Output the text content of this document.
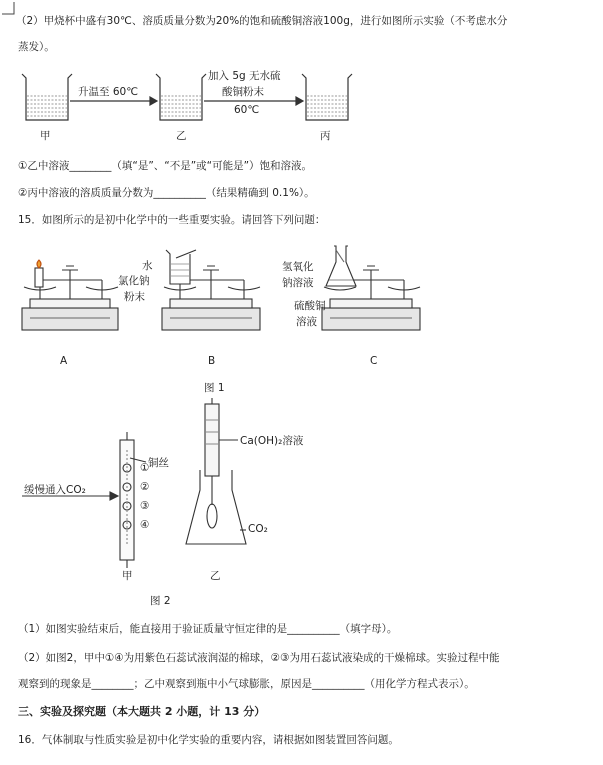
（2）甲烧杯中盛有30℃、溶质质量分数为20%的饱和硫酸铜溶液100g，进行如图所示实验（不考虑水分
蒸发）。
升温至 60℃
加入 5g 无水硫
酸铜粉末
60℃
甲	乙	丙
①乙中溶液________（填“是”、“不是”或“可能是”）饱和溶液。
②丙中溶液的溶质质量分数为__________（结果精确到 0.1%）。
15．如图所示的是初中化学中的一些重要实验。请回答下列问题：
水
氯化钠
粉末
氢氧化
钠溶液
硫酸铜
溶液
A	B	C
图 1
缓慢通入CO₂
铜丝
①
②
③
④
Ca(OH)₂溶液
CO₂
甲	乙
图 2
（1）如图实验结束后，能直接用于验证质量守恒定律的是__________（填字母）。
（2）如图2，甲中①④为用紫色石蕊试液润湿的棉球，②③为用石蕊试液染成的干燥棉球。实验过程中能
观察到的现象是________；乙中观察到瓶中小气球膨胀，原因是__________（用化学方程式表示）。
三、实验及探究题（本大题共 2 小题，计 13 分）
16．气体制取与性质实验是初中化学实验的重要内容，请根据如图装置回答问题。
